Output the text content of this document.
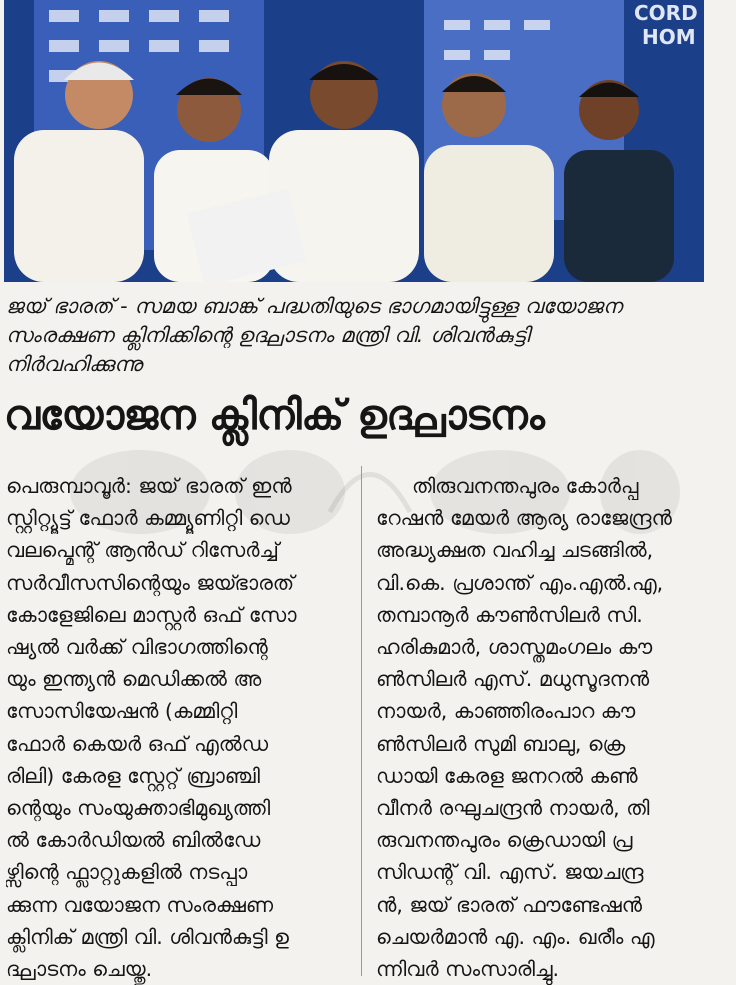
CORD
HOM
ജയ് ഭാരത് - സമയ ബാങ്ക് പദ്ധതിയുടെ ഭാഗമായിട്ടുള്ള വയോജന
സംരക്ഷണ ക്ലിനിക്കിന്റെ ഉദ്ഘാടനം മന്ത്രി വി. ശിവൻകുട്ടി
നിർവഹിക്കുന്നു
വയോജന ക്ലിനിക് ഉദ്ഘാടനം
പെരുമ്പാവൂർ: ജയ് ഭാരത് ഇൻ
സ്റ്റിറ്റ്യൂട്ട് ഫോർ കമ്മ്യൂണിറ്റി ഡെ
വലപ്മെന്റ് ആൻഡ് റിസേർച്ച്
സർവീസസിന്റെയും ജയ്ഭാരത്
കോളേജിലെ മാസ്റ്റർ ഒഫ് സോ
ഷ്യൽ വർക്ക് വിഭാഗത്തിന്റെ
യും ഇന്ത്യൻ മെഡിക്കൽ അ
സോസിയേഷൻ (കമ്മിറ്റി
ഫോർ കെയർ ഒഫ് എൽഡ
രിലി) കേരള സ്റ്റേറ്റ് ബ്രാഞ്ചി
ന്റെയും സംയുക്താഭിമുഖ്യത്തി
ൽ കോർഡിയൽ ബിൽഡേ
ഴ്സിന്റെ ഫ്ലാറ്റുകളിൽ നടപ്പാ
ക്കുന്ന വയോജന സംരക്ഷണ
ക്ലിനിക് മന്ത്രി വി. ശിവൻകുട്ടി ഉ
ദ്ഘാടനം ചെയ്തു.
തിരുവനന്തപുരം കോർപ്പ
റേഷൻ മേയർ ആര്യ രാജേന്ദ്രൻ
അദ്ധ്യക്ഷത വഹിച്ച ചടങ്ങിൽ,
വി.കെ. പ്രശാന്ത് എം.എൽ.എ,
തമ്പാനൂർ കൗൺസിലർ സി.
ഹരികുമാർ, ശാസ്തമംഗലം കൗ
ൺസിലർ എസ്. മധുസൂദനൻ
നായർ, കാഞ്ഞിരംപാറ കൗ
ൺസിലർ സുമി ബാലു, ക്രെ
ഡായി കേരള ജനറൽ കൺ
വീനർ രഘുചന്ദ്രൻ നായർ, തി
രുവനന്തപുരം ക്രെഡായി പ്ര
സിഡന്റ് വി. എസ്. ജയചന്ദ്ര
ൻ, ജയ് ഭാരത് ഫൗണ്ടേഷൻ
ചെയർമാൻ എ. എം. ഖരീം എ
ന്നിവർ സംസാരിച്ചു.
